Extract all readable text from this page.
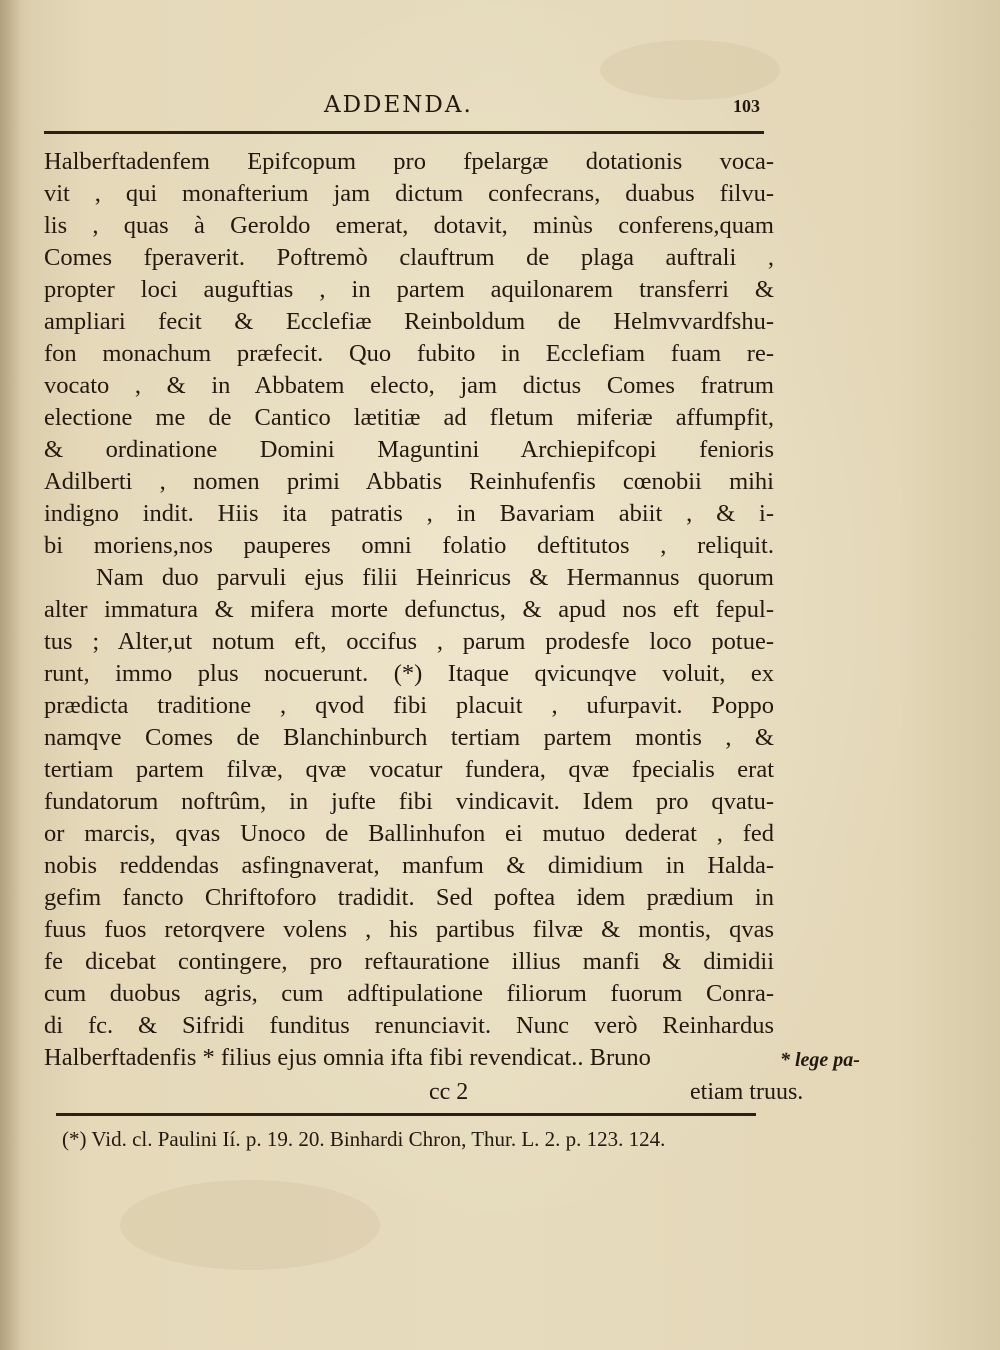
ADDENDA.	103
Halberftadenfem Epifcopum pro fpelargæ dotationis voca-
vit , qui monafterium jam dictum confecrans, duabus filvu-
lis , quas à Geroldo emerat, dotavit, minùs conferens,quam
Comes fperaverit. Poftremò clauftrum de plaga auftrali ,
propter loci auguftias , in partem aquilonarem transferri &
ampliari fecit & Ecclefiæ Reinboldum de Helmvvardfshu-
fon monachum præfecit. Quo fubito in Ecclefiam fuam re-
vocato , & in Abbatem electo, jam dictus Comes fratrum
electione me de Cantico lætitiæ ad fletum miferiæ affumpfit,
& ordinatione Domini Maguntini Archiepifcopi fenioris
Adilberti , nomen primi Abbatis Reinhufenfis cœnobii mihi
indigno indit. Hiis ita patratis , in Bavariam abiit , & i-
bi moriens,nos pauperes omni folatio deftitutos , reliquit.
Nam duo parvuli ejus filii Heinricus & Hermannus quorum
alter immatura & mifera morte defunctus, & apud nos eft fepul-
tus ; Alter,ut notum eft, occifus , parum prodesfe loco potue-
runt, immo plus nocuerunt. (*) Itaque qvicunqve voluit, ex
prædicta traditione , qvod fibi placuit , ufurpavit. Poppo
namqve Comes de Blanchinburch tertiam partem montis , &
tertiam partem filvæ, qvæ vocatur fundera, qvæ fpecialis erat
fundatorum noftrûm, in jufte fibi vindicavit. Idem pro qvatu-
or marcis, qvas Unoco de Ballinhufon ei mutuo dederat , fed
nobis reddendas asfingnaverat, manfum & dimidium in Halda-
gefim fancto Chriftoforo tradidit. Sed poftea idem prædium in
fuus fuos retorqvere volens , his partibus filvæ & montis, qvas
fe dicebat contingere, pro reftauratione illius manfi & dimidii
cum duobus agris, cum adftipulatione filiorum fuorum Conra-
di fc. & Sifridi funditus renunciavit. Nunc verò Reinhardus
Halberftadenfis * filius ejus omnia ifta fibi revendicat.. Bruno	* lege pa-
cc 2	etiam truus.
(*) Vid. cl. Paulini Ií. p. 19. 20. Binhardi Chron, Thur. L. 2. p. 123. 124.
